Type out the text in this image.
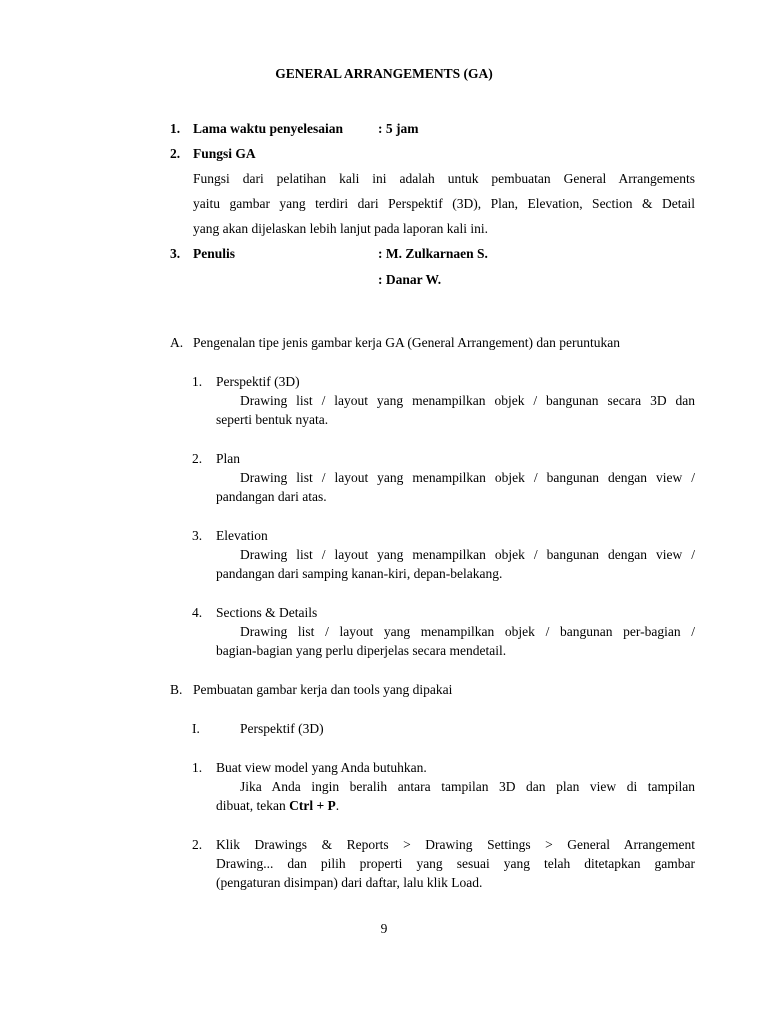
GENERAL ARRANGEMENTS (GA)
1. Lama waktu penyelesaian	: 5 jam
2. Fungsi GA
Fungsi dari pelatihan kali ini adalah untuk pembuatan General Arrangements
yaitu gambar yang terdiri dari Perspektif (3D), Plan, Elevation, Section & Detail
yang akan dijelaskan lebih lanjut pada laporan kali ini.
3. Penulis	: M. Zulkarnaen S.
: Danar W.
A. Pengenalan tipe jenis gambar kerja GA (General Arrangement) dan peruntukan
1.	Perspektif (3D)
Drawing list / layout yang menampilkan objek / bangunan secara 3D dan
seperti bentuk nyata.
2.	Plan
Drawing list / layout yang menampilkan objek / bangunan dengan view /
pandangan dari atas.
3.	Elevation
Drawing list / layout yang menampilkan objek / bangunan dengan view /
pandangan dari samping kanan-kiri, depan-belakang.
4.	Sections & Details
Drawing list / layout yang menampilkan objek / bangunan per-bagian /
bagian-bagian yang perlu diperjelas secara mendetail.
B. Pembuatan gambar kerja dan tools yang dipakai
I.	Perspektif (3D)
1.	Buat view model yang Anda butuhkan.
Jika Anda ingin beralih antara tampilan 3D dan plan view di tampilan
dibuat, tekan Ctrl + P.
2.	Klik Drawings & Reports > Drawing Settings > General Arrangement
Drawing... dan pilih properti yang sesuai yang telah ditetapkan gambar
(pengaturan disimpan) dari daftar, lalu klik Load.
9
